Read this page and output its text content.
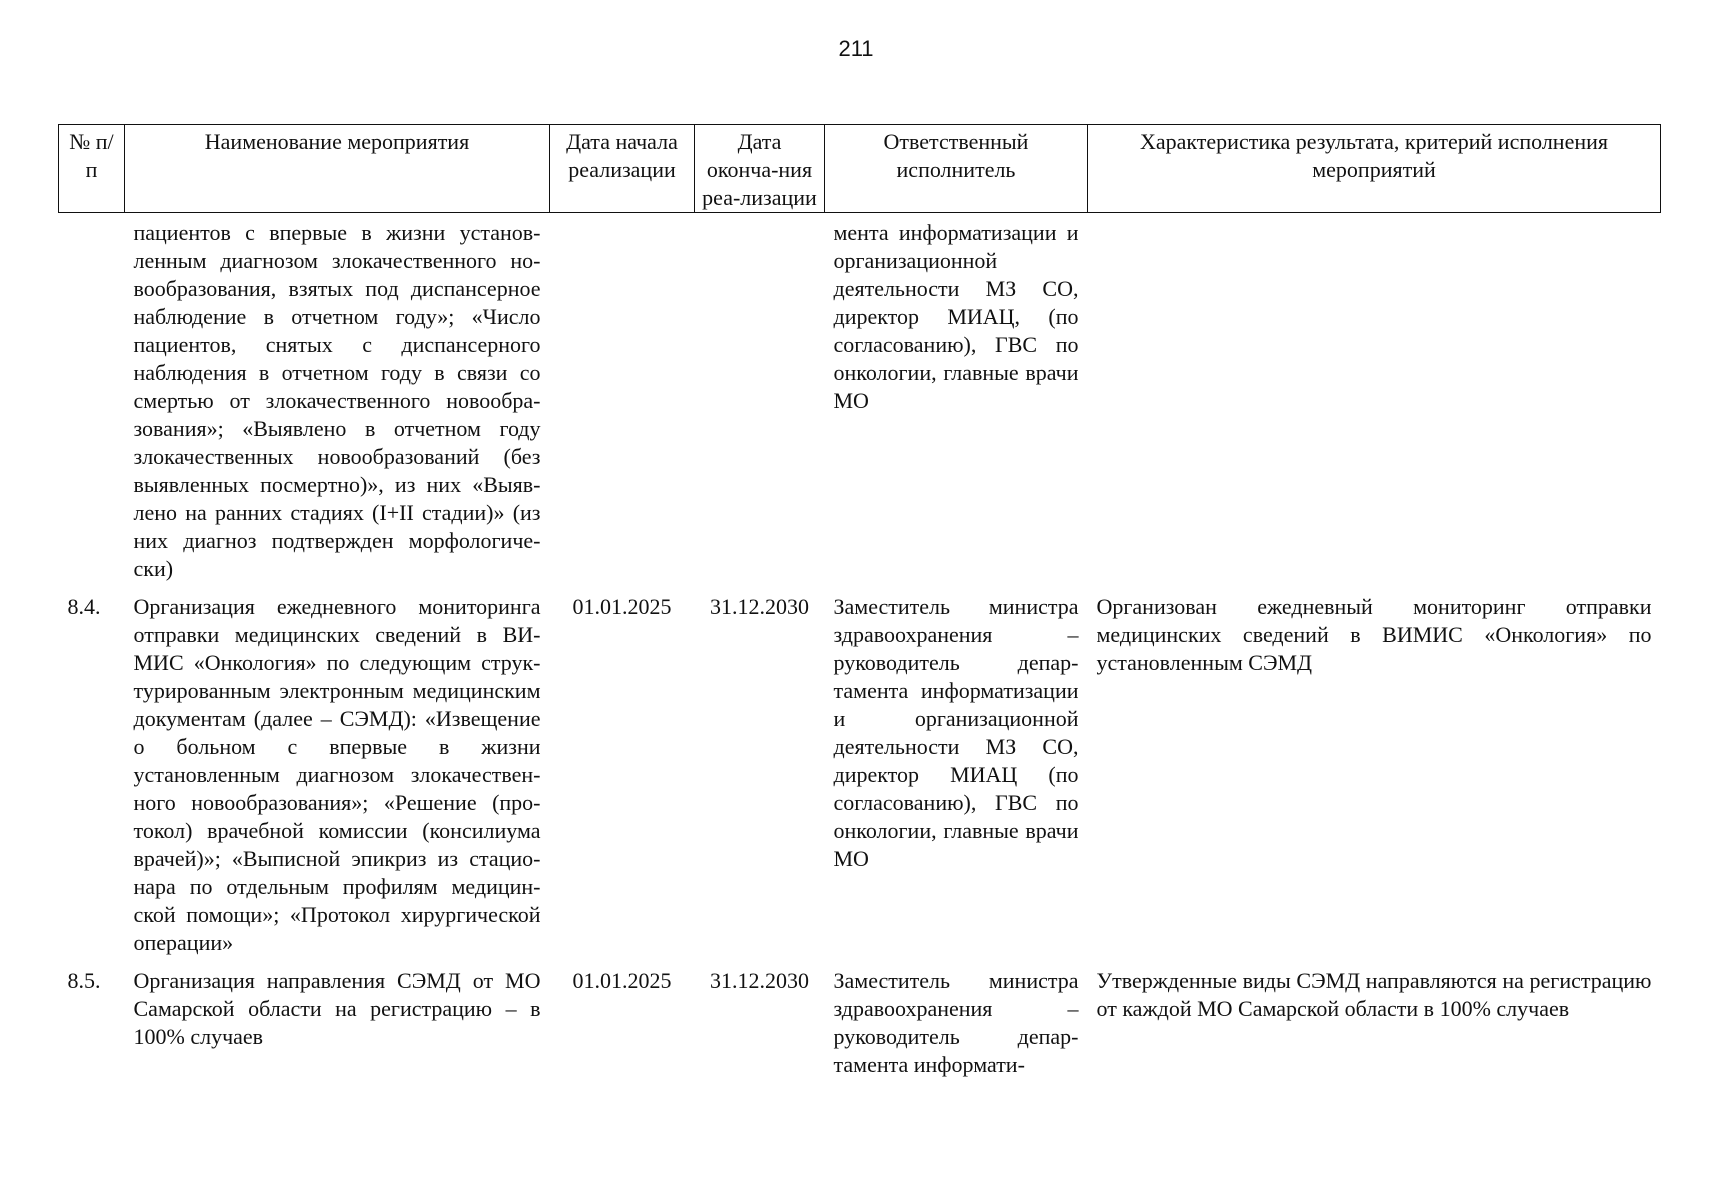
211
№ п/п	Наименование мероприятия	Дата начала реализации	Дата оконча-ния реа-лизации	Ответственный исполнитель	Характеристика результата, критерий исполнения мероприятий
	пациентов с впервые в жизни установленным диагнозом злокачественного новообразования, взятых под диспансерное наблюдение в отчетном году»; «Число пациентов, снятых с диспансерного наблюдения в отчетном году в связи со смертью от злокачественного новообразования»; «Выявлено в отчетном году злокачественных новообразований (без выявленных посмертно)», из них «Выявлено на ранних стадиях (I+II стадии)» (из них диагноз подтвержден морфологически)			мента информатизации и организационной деятельности МЗ СО, директор МИАЦ, (по согласованию), ГВС по онкологии, главные врачи МО	
8.4.	Организация ежедневного мониторинга отправки медицинских сведений в ВИМИС «Онкология» по следующим структурированным электронным медицинским документам (далее – СЭМД): «Извещение о больном с впервые в жизни установленным диагнозом злокачественного новообразования»; «Решение (протокол) врачебной комиссии (консилиума врачей)»; «Выписной эпикриз из стационара по отдельным профилям медицинской помощи»; «Протокол хирургической операции»	01.01.2025	31.12.2030	Заместитель министра здравоохранения – руководитель департамента информатизации и организационной деятельности МЗ СО, директор МИАЦ (по согласованию), ГВС по онкологии, главные врачи МО	Организован ежедневный мониторинг отправки медицинских сведений в ВИМИС «Онкология» по установленным СЭМД
8.5.	Организация направления СЭМД от МО Самарской области на регистрацию – в 100% случаев	01.01.2025	31.12.2030	Заместитель министра здравоохранения – руководитель департамента информати-	Утвержденные виды СЭМД направляются на регистрацию от каждой МО Самарской области в 100% случаев
